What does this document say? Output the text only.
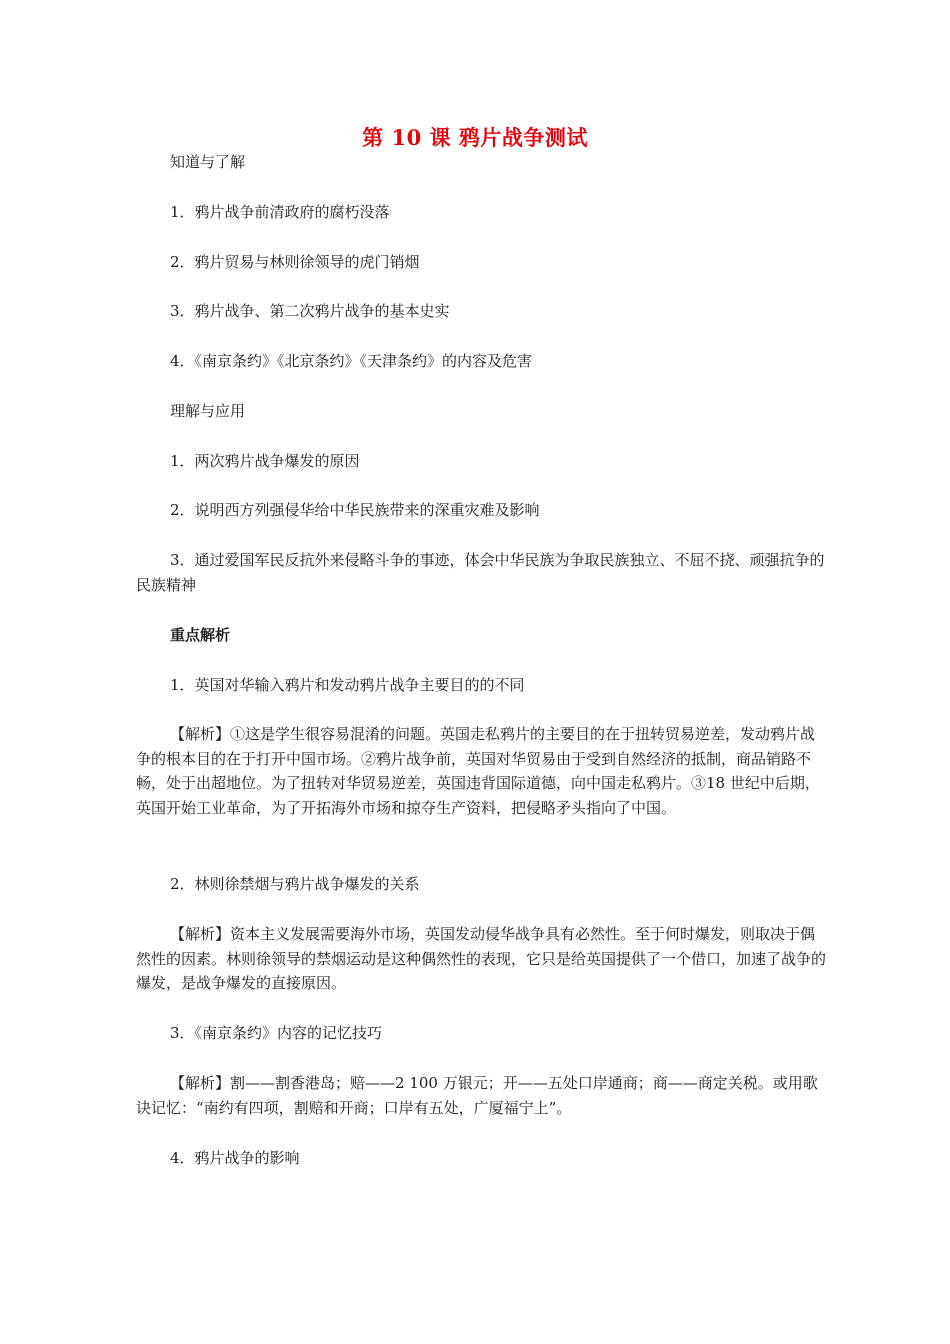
第 10 课 鸦片战争测试
知道与了解
1．鸦片战争前清政府的腐朽没落
2．鸦片贸易与林则徐领导的虎门销烟
3．鸦片战争、第二次鸦片战争的基本史实
4．《南京条约》《北京条约》《天津条约》的内容及危害
理解与应用
1．两次鸦片战争爆发的原因
2．说明西方列强侵华给中华民族带来的深重灾难及影响
3．通过爱国军民反抗外来侵略斗争的事迹，体会中华民族为争取民族独立、不屈不挠、顽强抗争的民族精神
重点解析
1．英国对华输入鸦片和发动鸦片战争主要目的的不同
【解析】①这是学生很容易混淆的问题。英国走私鸦片的主要目的在于扭转贸易逆差，发动鸦片战争的根本目的在于打开中国市场。②鸦片战争前，英国对华贸易由于受到自然经济的抵制，商品销路不畅，处于出超地位。为了扭转对华贸易逆差，英国违背国际道德，向中国走私鸦片。③18 世纪中后期，英国开始工业革命，为了开拓海外市场和掠夺生产资料，把侵略矛头指向了中国。
2．林则徐禁烟与鸦片战争爆发的关系
【解析】资本主义发展需要海外市场，英国发动侵华战争具有必然性。至于何时爆发，则取决于偶然性的因素。林则徐领导的禁烟运动是这种偶然性的表现，它只是给英国提供了一个借口，加速了战争的爆发，是战争爆发的直接原因。
3．《南京条约》内容的记忆技巧
【解析】割——割香港岛；赔——2 100 万银元；开——五处口岸通商；商——商定关税。或用歌诀记忆：“南约有四项，割赔和开商；口岸有五处，广厦福宁上”。
4．鸦片战争的影响
